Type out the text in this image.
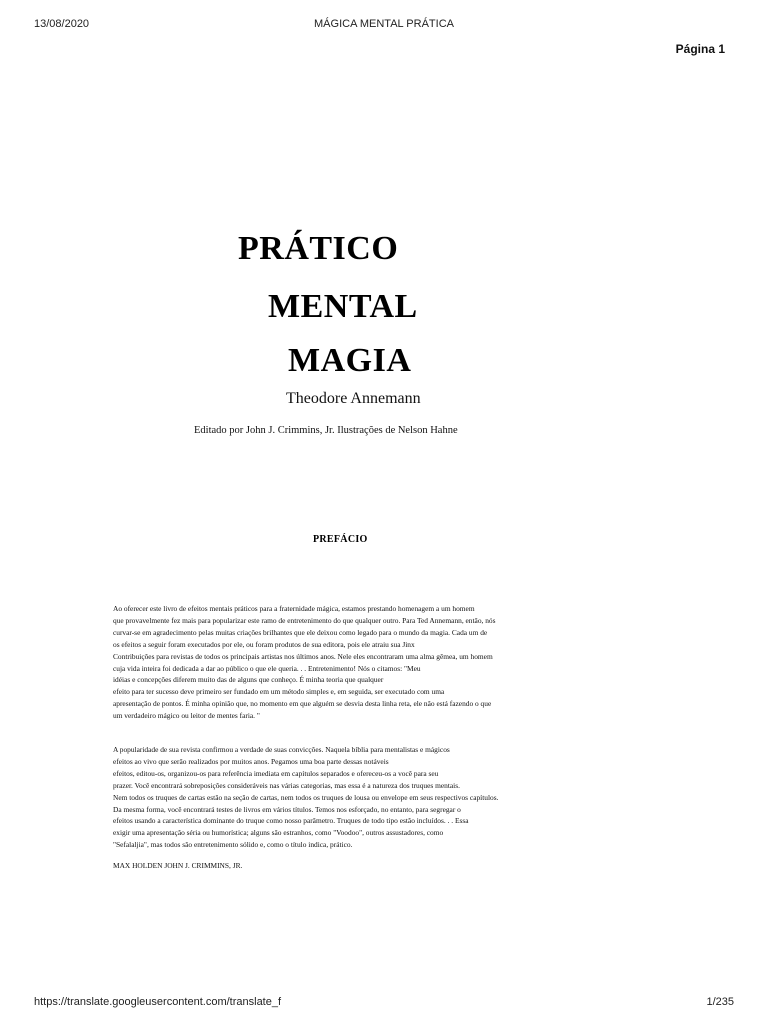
13/08/2020	MÁGICA MENTAL PRÁTICA
Página 1
PRÁTICO
MENTAL
MAGIA
Theodore Annemann
Editado por John J. Crimmins, Jr. Ilustrações de Nelson Hahne
PREFÁCIO
Ao oferecer este livro de efeitos mentais práticos para a fraternidade mágica, estamos prestando homenagem a um homem
que provavelmente fez mais para popularizar este ramo de entretenimento do que qualquer outro. Para Ted Annemann, então, nós
curvar-se em agradecimento pelas muitas criações brilhantes que ele deixou como legado para o mundo da magia. Cada um de
os efeitos a seguir foram executados por ele, ou foram produtos de sua editora, pois ele atraiu sua Jinx
Contribuições para revistas de todos os principais artistas nos últimos anos. Nele eles encontraram uma alma gêmea, um homem
cuja vida inteira foi dedicada a dar ao público o que ele queria. . . Entretenimento! Nós o citamos: "Meu
idéias e concepções diferem muito das de alguns que conheço. É minha teoria que qualquer
efeito para ter sucesso deve primeiro ser fundado em um método simples e, em seguida, ser executado com uma
apresentação de pontos. É minha opinião que, no momento em que alguém se desvia desta linha reta, ele não está fazendo o que
um verdadeiro mágico ou leitor de mentes faria. "
A popularidade de sua revista confirmou a verdade de suas convicções. Naquela bíblia para mentalistas e mágicos
efeitos ao vivo que serão realizados por muitos anos. Pegamos uma boa parte dessas notáveis
efeitos, editou-os, organizou-os para referência imediata em capítulos separados e ofereceu-os a você para seu
prazer. Você encontrará sobreposições consideráveis nas várias categorias, mas essa é a natureza dos truques mentais.
Nem todos os truques de cartas estão na seção de cartas, nem todos os truques de lousa ou envelope em seus respectivos capítulos.
Da mesma forma, você encontrará testes de livros em vários títulos. Temos nos esforçado, no entanto, para segregar o
efeitos usando a característica dominante do truque como nosso parâmetro. Truques de todo tipo estão incluídos. . . Essa
exigir uma apresentação séria ou humorística; alguns são estranhos, como "Voodoo", outros assustadores, como
"Sefalaljia", mas todos são entretenimento sólido e, como o título indica, prático.
MAX HOLDEN JOHN J. CRIMMINS, JR.
https://translate.googleusercontent.com/translate_f	1/235
